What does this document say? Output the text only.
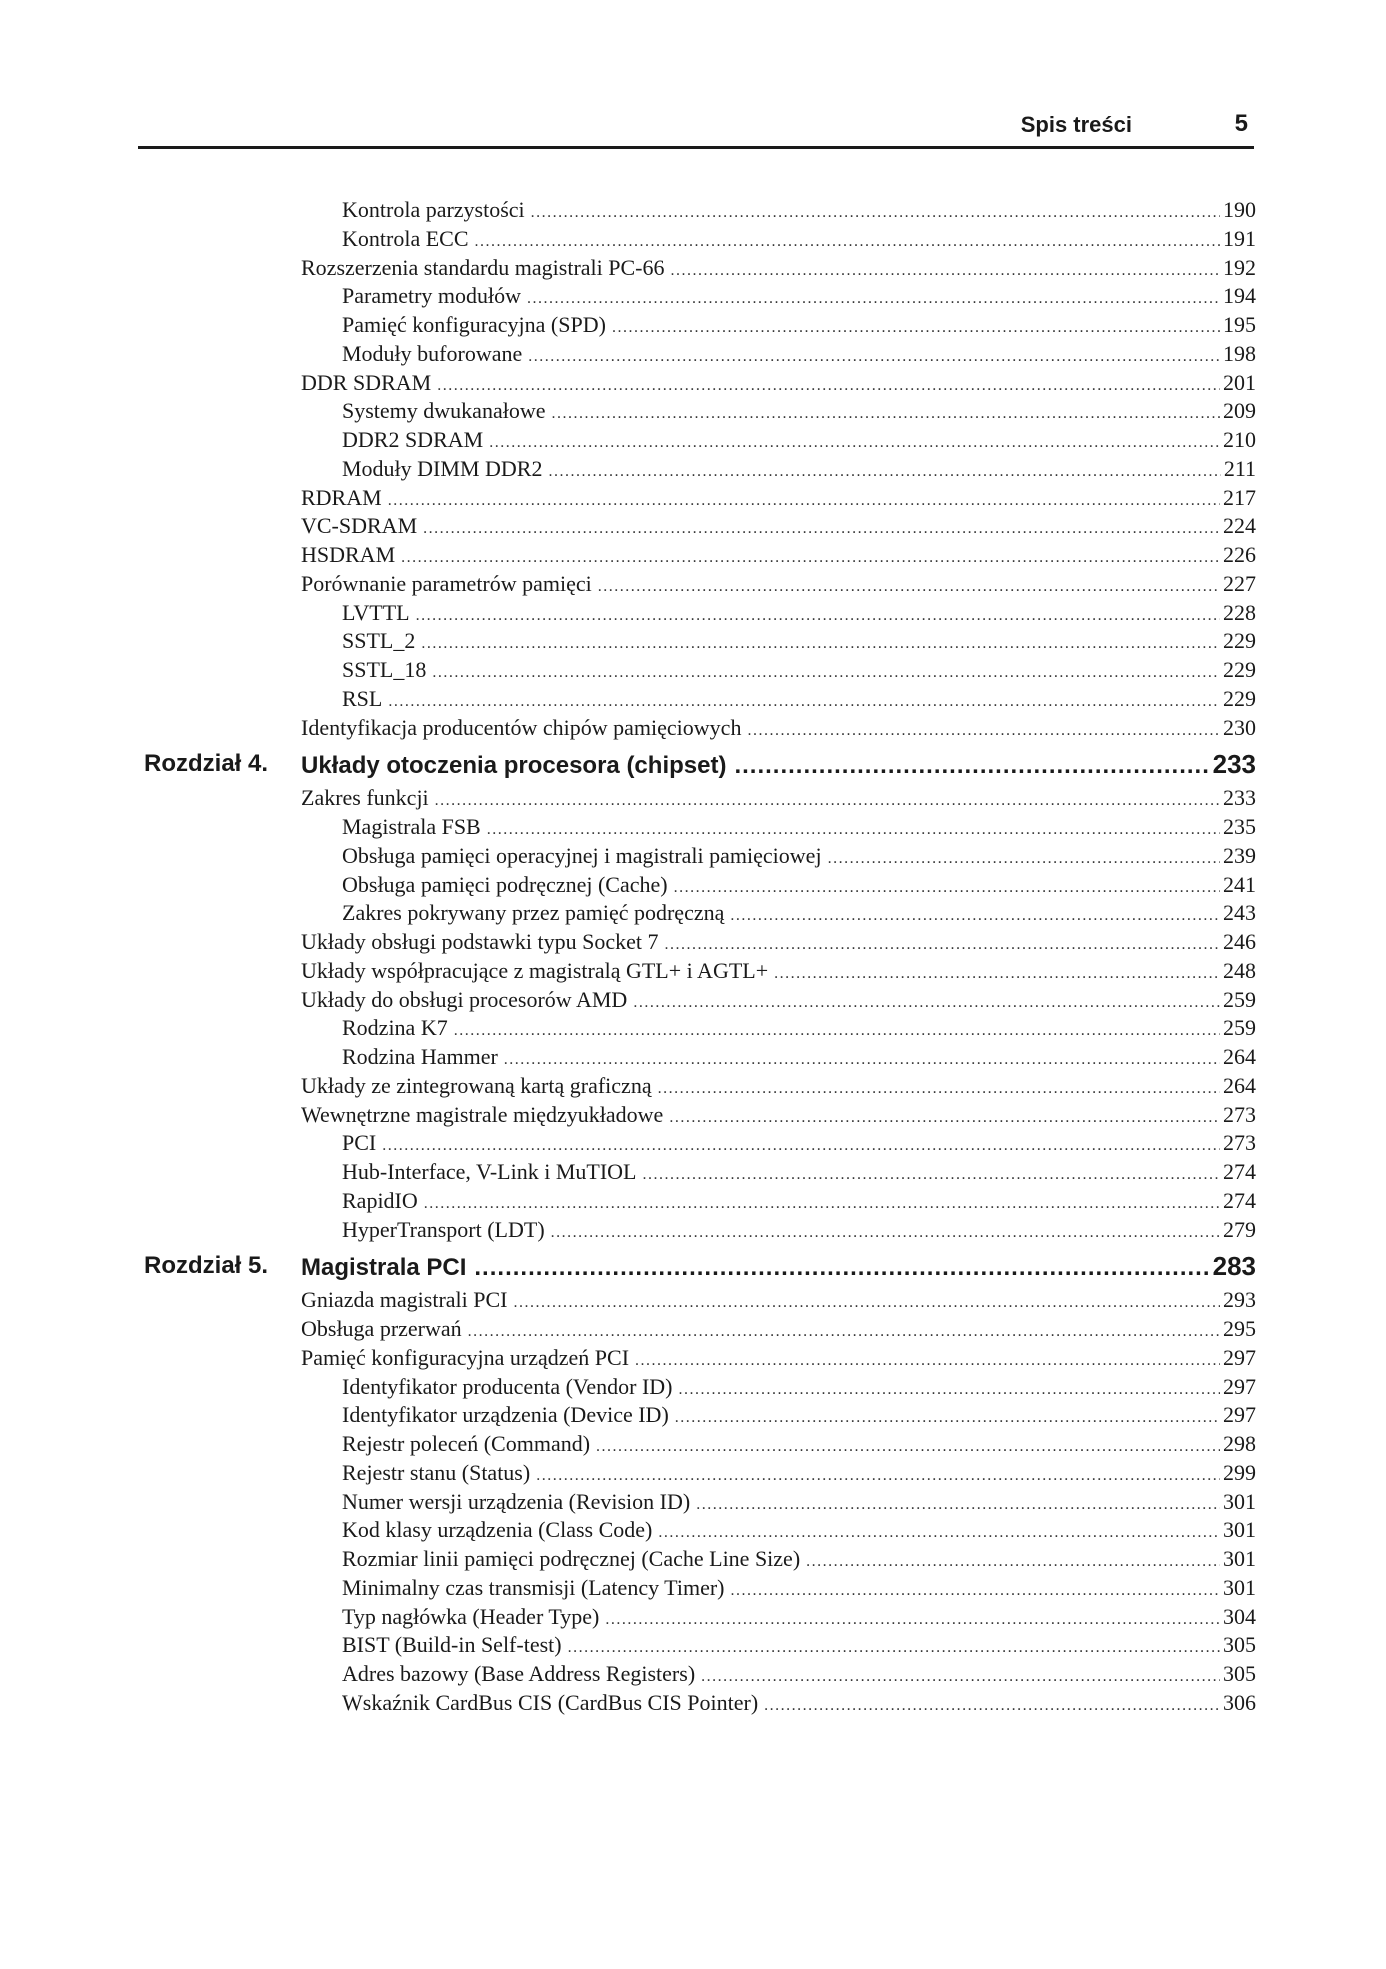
Spis treści	5
Kontrola parzystości .....	190
Kontrola ECC .....	191
Rozszerzenia standardu magistrali PC-66 .....	192
Parametry modułów .....	194
Pamięć konfiguracyjna (SPD) .....	195
Moduły buforowane .....	198
DDR SDRAM .....	201
Systemy dwukanałowe .....	209
DDR2 SDRAM .....	210
Moduły DIMM DDR2 .....	211
RDRAM .....	217
VC-SDRAM .....	224
HSDRAM .....	226
Porównanie parametrów pamięci .....	227
LVTTL .....	228
SSTL_2 .....	229
SSTL_18 .....	229
RSL .....	229
Identyfikacja producentów chipów pamięciowych .....	230
Rozdział 4. Układy otoczenia procesora (chipset) .....	233
Zakres funkcji .....	233
Magistrala FSB .....	235
Obsługa pamięci operacyjnej i magistrali pamięciowej .....	239
Obsługa pamięci podręcznej (Cache) .....	241
Zakres pokrywany przez pamięć podręczną .....	243
Układy obsługi podstawki typu Socket 7 .....	246
Układy współpracujące z magistralą GTL+ i AGTL+ .....	248
Układy do obsługi procesorów AMD .....	259
Rodzina K7 .....	259
Rodzina Hammer .....	264
Układy ze zintegrowaną kartą graficzną .....	264
Wewnętrzne magistrale międzyukładowe .....	273
PCI .....	273
Hub-Interface, V-Link i MuTIOL .....	274
RapidIO .....	274
HyperTransport (LDT) .....	279
Rozdział 5. Magistrala PCI .....	283
Gniazda magistrali PCI .....	293
Obsługa przerwań .....	295
Pamięć konfiguracyjna urządzeń PCI .....	297
Identyfikator producenta (Vendor ID) .....	297
Identyfikator urządzenia (Device ID) .....	297
Rejestr poleceń (Command) .....	298
Rejestr stanu (Status) .....	299
Numer wersji urządzenia (Revision ID) .....	301
Kod klasy urządzenia (Class Code) .....	301
Rozmiar linii pamięci podręcznej (Cache Line Size) .....	301
Minimalny czas transmisji (Latency Timer) .....	301
Typ nagłówka (Header Type) .....	304
BIST (Build-in Self-test) .....	305
Adres bazowy (Base Address Registers) .....	305
Wskaźnik CardBus CIS (CardBus CIS Pointer) .....	306
